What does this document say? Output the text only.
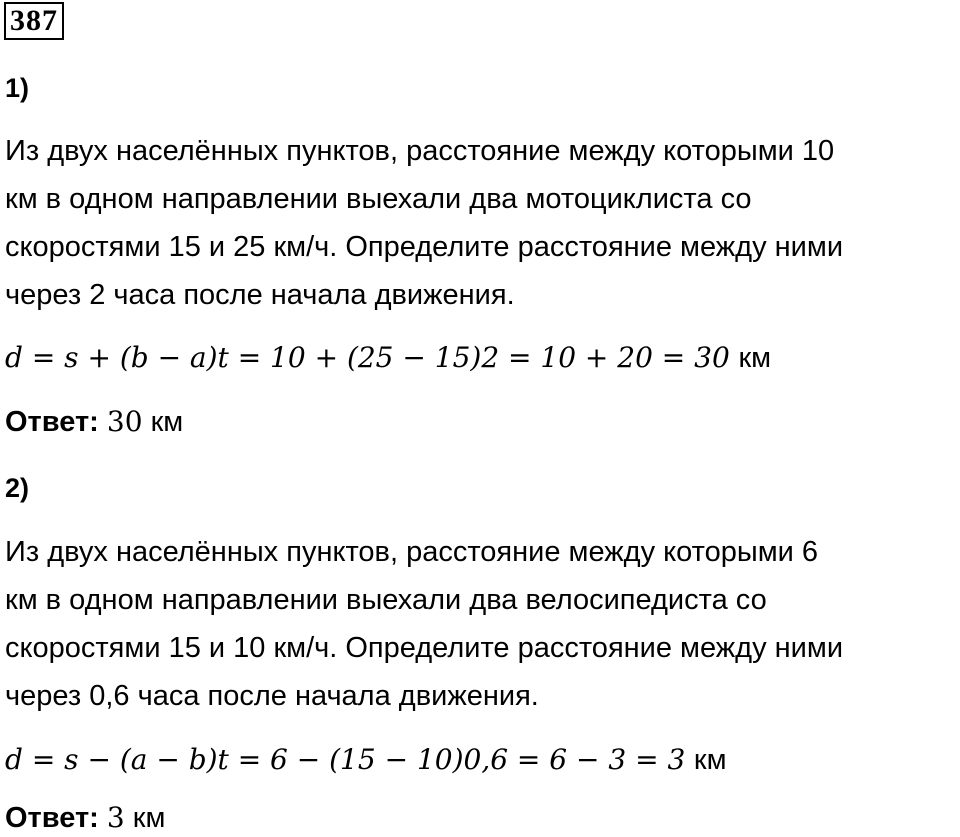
387
1)
Из двух населённых пунктов, расстояние между которыми 10
км в одном направлении выехали два мотоциклиста со
скоростями 15 и 25 км/ч. Определите расстояние между ними
через 2 часа после начала движения.
d = s + (b − a)t = 10 + (25 − 15)2 = 10 + 20 = 30 км
Ответ: 30 км
2)
Из двух населённых пунктов, расстояние между которыми 6
км в одном направлении выехали два велосипедиста со
скоростями 15 и 10 км/ч. Определите расстояние между ними
через 0,6 часа после начала движения.
d = s − (a − b)t = 6 − (15 − 10)0,6 = 6 − 3 = 3 км
Ответ: 3 км
